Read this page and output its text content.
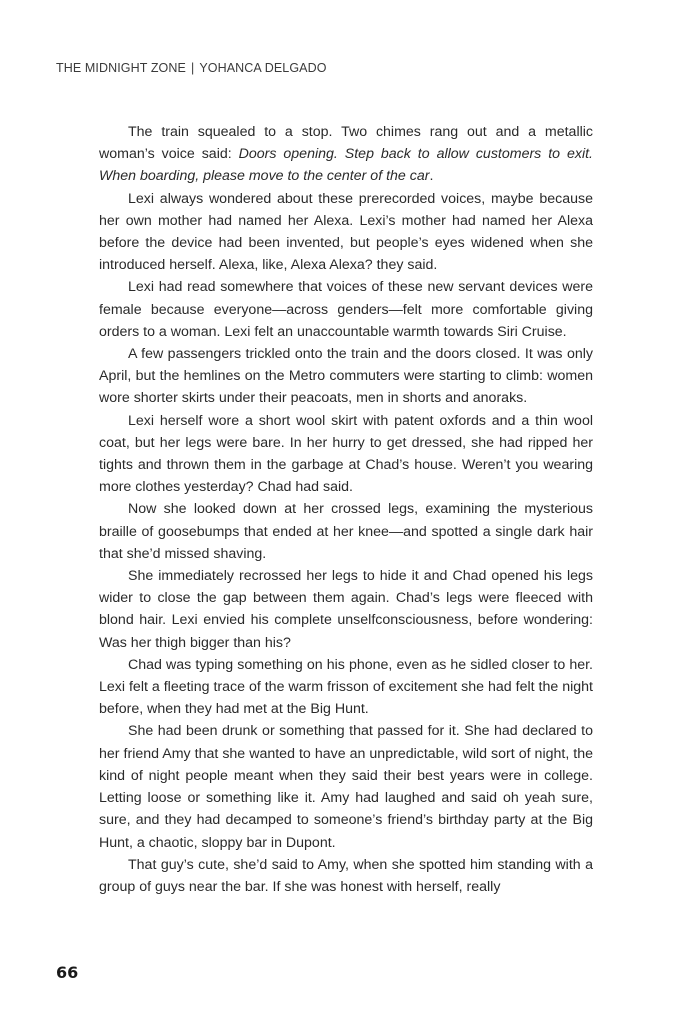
THE MIDNIGHT ZONE | YOHANCA DELGADO

The train squealed to a stop. Two chimes rang out and a metallic woman’s voice said: Doors opening. Step back to allow customers to exit. When boarding, please move to the center of the car.

Lexi always wondered about these prerecorded voices, maybe because her own mother had named her Alexa. Lexi’s mother had named her Alexa before the device had been invented, but people’s eyes widened when she introduced herself. Alexa, like, Alexa Alexa? they said.

Lexi had read somewhere that voices of these new servant devices were female because everyone—across genders—felt more comfortable giving orders to a woman. Lexi felt an unaccountable warmth towards Siri Cruise.

A few passengers trickled onto the train and the doors closed. It was only April, but the hemlines on the Metro commuters were starting to climb: women wore shorter skirts under their peacoats, men in shorts and anoraks.

Lexi herself wore a short wool skirt with patent oxfords and a thin wool coat, but her legs were bare. In her hurry to get dressed, she had ripped her tights and thrown them in the garbage at Chad’s house. Weren’t you wearing more clothes yesterday? Chad had said.

Now she looked down at her crossed legs, examining the mysterious braille of goosebumps that ended at her knee—and spotted a single dark hair that she’d missed shaving.

She immediately recrossed her legs to hide it and Chad opened his legs wider to close the gap between them again. Chad’s legs were fleeced with blond hair. Lexi envied his complete unselfconsciousness, before wondering: Was her thigh bigger than his?

Chad was typing something on his phone, even as he sidled closer to her. Lexi felt a fleeting trace of the warm frisson of excitement she had felt the night before, when they had met at the Big Hunt.

She had been drunk or something that passed for it. She had declared to her friend Amy that she wanted to have an unpredictable, wild sort of night, the kind of night people meant when they said their best years were in college. Letting loose or something like it. Amy had laughed and said oh yeah sure, sure, and they had decamped to someone’s friend’s birthday party at the Big Hunt, a chaotic, sloppy bar in Dupont.

That guy’s cute, she’d said to Amy, when she spotted him standing with a group of guys near the bar. If she was honest with herself, really

66
